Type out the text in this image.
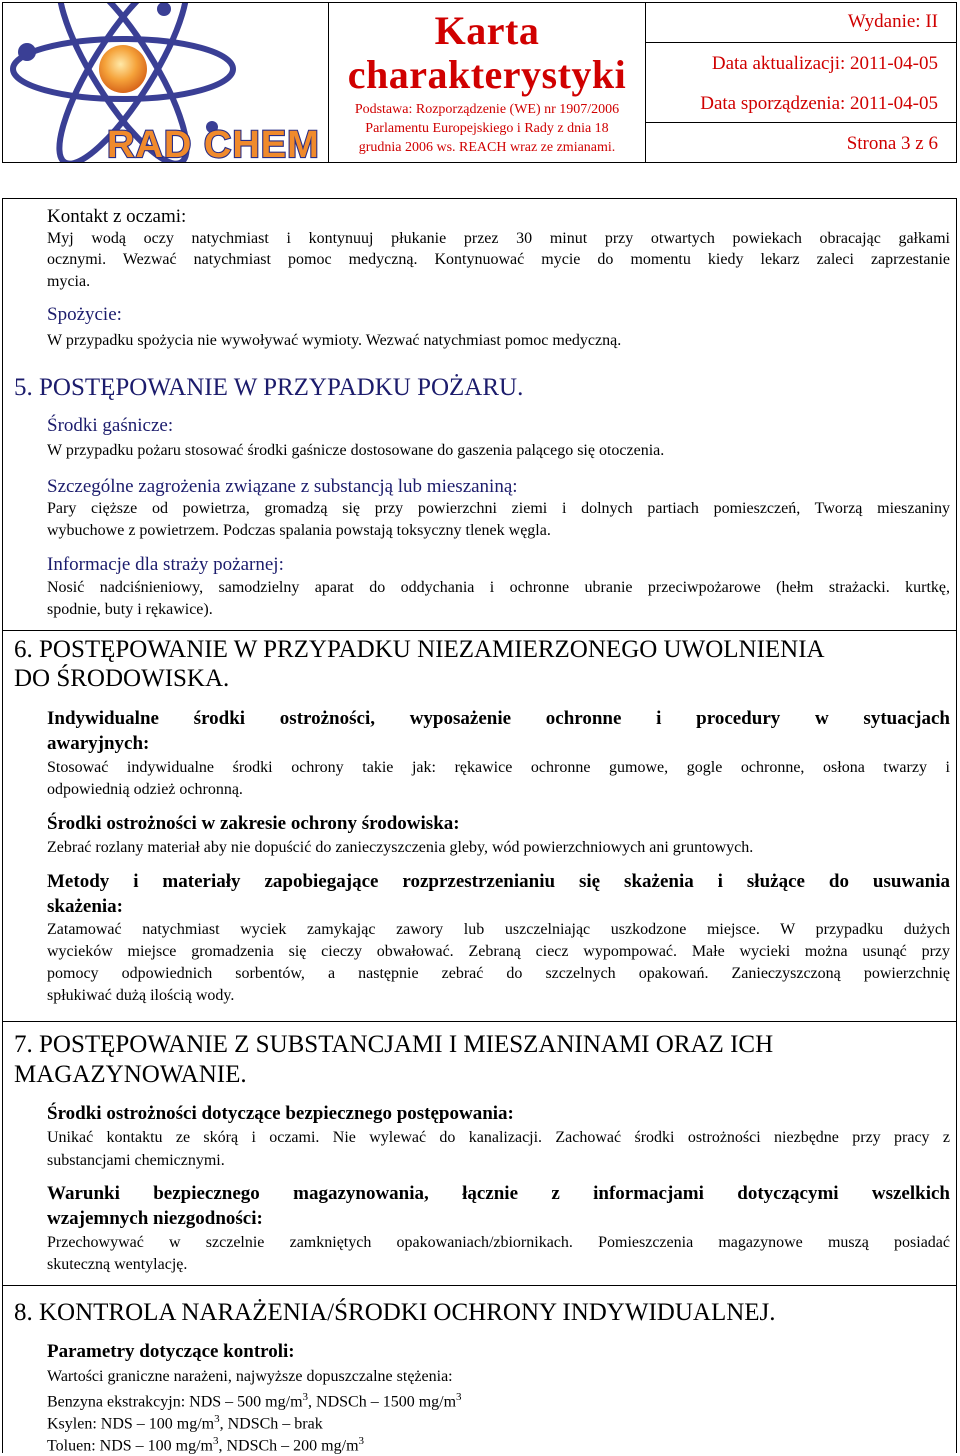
RAD CHEM
Karta
charakterystyki
Podstawa: Rozporządzenie (WE) nr 1907/2006
Parlamentu Europejskiego i Rady z dnia 18
grudnia 2006 ws. REACH wraz ze zmianami.
Wydanie: II
Data aktualizacji: 2011-04-05
Data sporządzenia: 2011-04-05
Strona 3 z 6
Kontakt z oczami:
Myj wodą oczy natychmiast i kontynuuj płukanie przez 30 minut przy otwartych powiekach obracając gałkami
ocznymi. Wezwać natychmiast pomoc medyczną. Kontynuować mycie do momentu kiedy lekarz zaleci zaprzestanie
mycia.
Spożycie:
W przypadku spożycia nie wywoływać wymioty. Wezwać natychmiast pomoc medyczną.
5. POSTĘPOWANIE W PRZYPADKU POŻARU.
Środki gaśnicze:
W przypadku pożaru stosować środki gaśnicze dostosowane do gaszenia palącego się otoczenia.
Szczególne zagrożenia związane z substancją lub mieszaniną:
Pary cięższe od powietrza, gromadzą się przy powierzchni ziemi i dolnych partiach pomieszczeń, Tworzą mieszaniny
wybuchowe z powietrzem. Podczas spalania powstają toksyczny tlenek węgla.
Informacje dla straży pożarnej:
Nosić nadciśnieniowy, samodzielny aparat do oddychania i ochronne ubranie przeciwpożarowe (hełm strażacki. kurtkę,
spodnie, buty i rękawice).
6. POSTĘPOWANIE W PRZYPADKU NIEZAMIERZONEGO UWOLNIENIA
DO ŚRODOWISKA.
Indywidualne środki ostrożności, wyposażenie ochronne i procedury w sytuacjach
awaryjnych:
Stosować indywidualne środki ochrony takie jak: rękawice ochronne gumowe, gogle ochronne, osłona twarzy i
odpowiednią odzież ochronną.
Środki ostrożności w zakresie ochrony środowiska:
Zebrać rozlany materiał aby nie dopuścić do zanieczyszczenia gleby, wód powierzchniowych ani gruntowych.
Metody i materiały zapobiegające rozprzestrzenianiu się skażenia i służące do usuwania
skażenia:
Zatamować natychmiast wyciek zamykając zawory lub uszczelniając uszkodzone miejsce. W przypadku dużych
wycieków miejsce gromadzenia się cieczy obwałować. Zebraną ciecz wypompować. Małe wycieki można usunąć przy
pomocy odpowiednich sorbentów, a następnie zebrać do szczelnych opakowań. Zanieczyszczoną powierzchnię
spłukiwać dużą ilością wody.
7. POSTĘPOWANIE Z SUBSTANCJAMI I MIESZANINAMI ORAZ ICH
MAGAZYNOWANIE.
Środki ostrożności dotyczące bezpiecznego postępowania:
Unikać kontaktu ze skórą i oczami. Nie wylewać do kanalizacji. Zachować środki ostrożności niezbędne przy pracy z
substancjami chemicznymi.
Warunki bezpiecznego magazynowania, łącznie z informacjami dotyczącymi wszelkich
wzajemnych niezgodności:
Przechowywać w szczelnie zamkniętych opakowaniach/zbiornikach. Pomieszczenia magazynowe muszą posiadać
skuteczną wentylację.
8. KONTROLA NARAŻENIA/ŚRODKI OCHRONY INDYWIDUALNEJ.
Parametry dotyczące kontroli:
Wartości graniczne narażeni, najwyższe dopuszczalne stężenia:
Benzyna ekstrakcyjn: NDS – 500 $mg/m^3$, NDSCh – 1500 $mg/m^3$
Ksylen: NDS – 100 $mg/m^3$, NDSCh – brak
Toluen: NDS – 100 $mg/m^3$, NDSCh – 200 $mg/m^3$
